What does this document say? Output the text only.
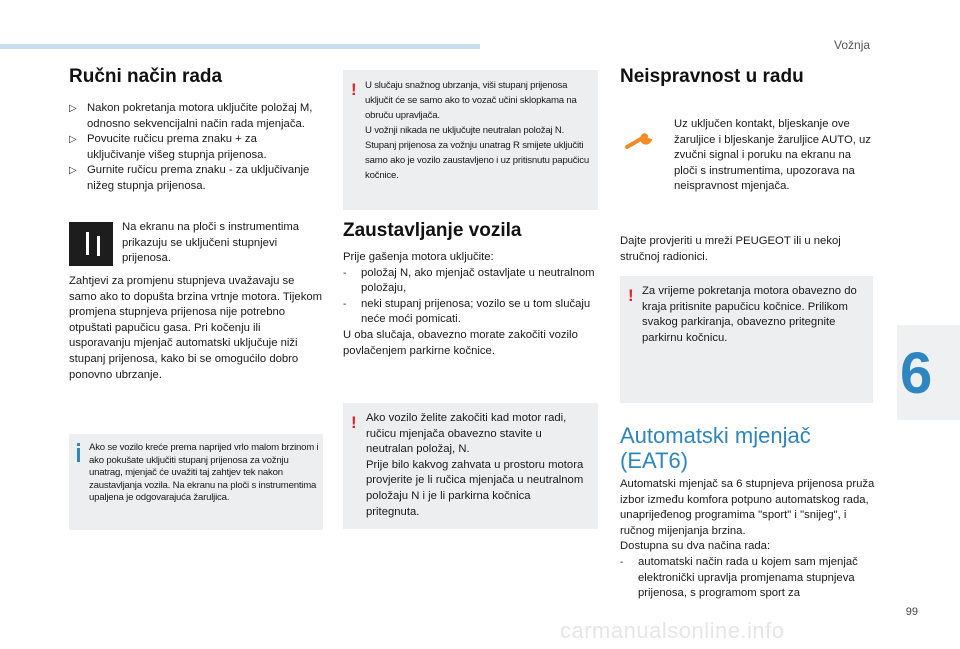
Vožnja
6
99
carmanualsonline.info
Ručni način rada
▷ Nakon pokretanja motora uključite položaj M, odnosno sekvencijalni način rada mjenjača.
▷ Povucite ručicu prema znaku + za uključivanje višeg stupnja prijenosa.
▷ Gurnite ručicu prema znaku - za uključivanje nižeg stupnja prijenosa.
Na ekranu na ploči s instrumentima prikazuju se uključeni stupnjevi prijenosa.
Zahtjevi za promjenu stupnjeva uvažavaju se samo ako to dopušta brzina vrtnje motora. Tijekom promjena stupnjeva prijenosa nije potrebno otpuštati papučicu gasa. Pri kočenju ili usporavanju mjenjač automatski uključuje niži stupanj prijenosa, kako bi se omogućilo dobro ponovno ubrzanje.
Ako se vozilo kreće prema naprijed vrlo malom brzinom i ako pokušate uključiti stupanj prijenosa za vožnju unatrag, mjenjač će uvažiti taj zahtjev tek nakon zaustavljanja vozila. Na ekranu na ploči s instrumentima upaljena je odgovarajuća žaruljica.

U slučaju snažnog ubrzanja, viši stupanj prijenosa uključit će se samo ako to vozač učini sklopkama na obruču upravljača.

U vožnji nikada ne uključujte neutralan položaj N.

Stupanj prijenosa za vožnju unatrag R smijete uključiti samo ako je vozilo zaustavljeno i uz pritisnutu papučicu kočnice.

!
Zaustavljanje vozila

Prije gašenja motora uključite:

-	položaj N, ako mjenjač ostavljate u neutralnom položaju,
-	neki stupanj prijenosa; vozilo se u tom slučaju neće moći pomicati.

U oba slučaja, obavezno morate zakočiti vozilo povlačenjem parkirne kočnice.

Ako vozilo želite zakočiti kad motor radi, ručicu mjenjača obavezno stavite u neutralan položaj, N.

Prije bilo kakvog zahvata u prostoru motora provjerite je li ručica mjenjača u neutralnom položaju N i je li parkirna kočnica pritegnuta.

!
Neispravnost u radu
Uz uključen kontakt, bljeskanje ove žaruljice i bljeskanje žaruljice AUTO, uz zvučni signal i poruku na ekranu na ploči s instrumentima, upozorava na neispravnost mjenjača.
Dajte provjeriti u mreži PEUGEOT ili u nekoj stručnoj radionici.
Za vrijeme pokretanja motora obavezno do kraja pritisnite papučicu kočnice. Prilikom svakog parkiranja, obavezno pritegnite parkirnu kočnicu.
!
Automatski mjenjač
(EAT6)

Automatski mjenjač sa 6 stupnjeva prijenosa pruža izbor između komfora potpuno automatskog rada, unaprijeđenog programima "sport" i "snijeg", i ručnog mijenjanja brzina.

Dostupna su dva načina rada:

-	automatski način rada u kojem sam mjenjač elektronički upravlja promjenama stupnjeva prijenosa, s programom sport za
